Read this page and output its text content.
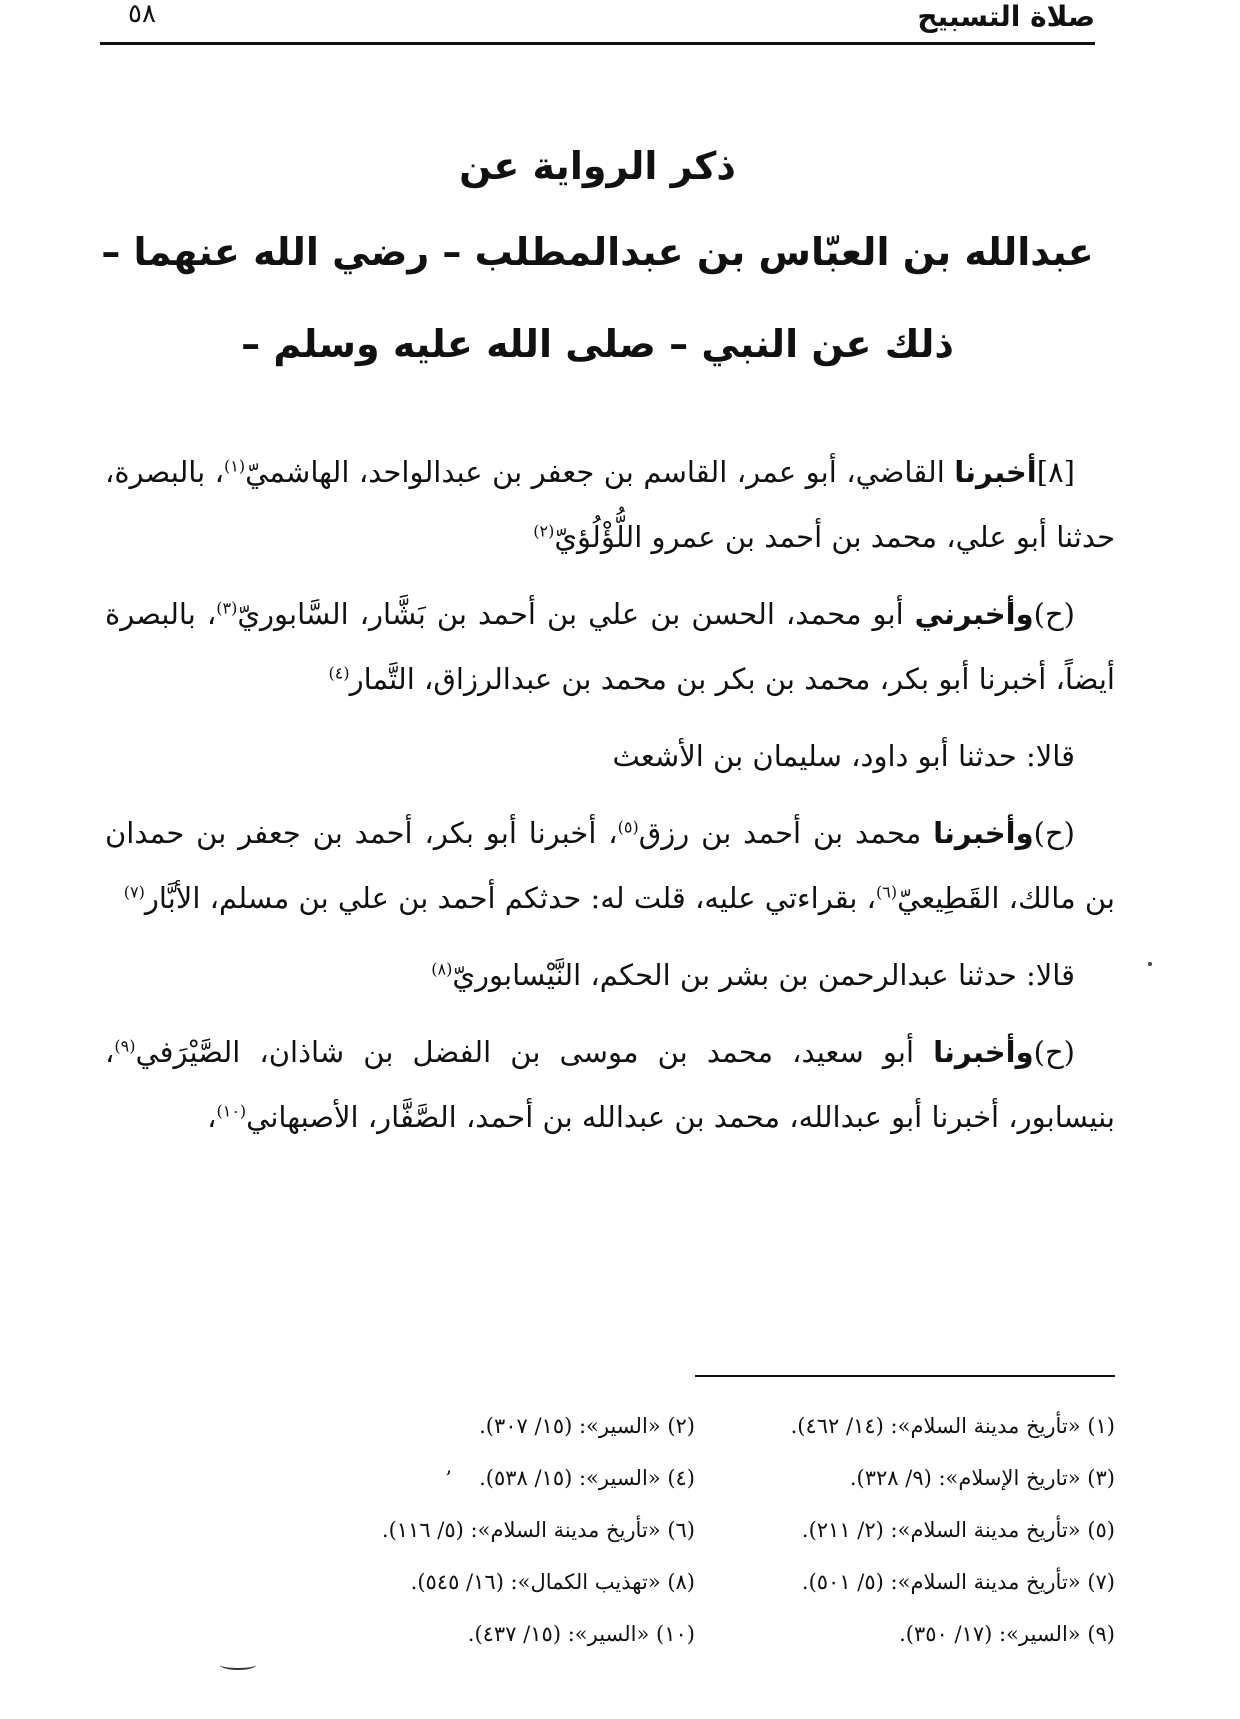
صلاة التسبيح
٥٨
ذكر الرواية عن
عبدالله بن العبّاس بن عبدالمطلب – رضي الله عنهما –
ذلك عن النبي – صلى الله عليه وسلم –

[٨]أخبرنا القاضي، أبو عمر، القاسم بن جعفر بن عبدالواحد، الهاشميّ$^{(١)}$، بالبصرة، حدثنا أبو علي، محمد بن أحمد بن عمرو اللُّؤْلُؤيّ$^{(٢)}$

(ح)وأخبرني أبو محمد، الحسن بن علي بن أحمد بن بَشَّار، السَّابوريّ$^{(٣)}$، بالبصرة أيضاً، أخبرنا أبو بكر، محمد بن بكر بن محمد بن عبدالرزاق، التَّمار$^{(٤)}$

قالا: حدثنا أبو داود، سليمان بن الأشعث

(ح)وأخبرنا محمد بن أحمد بن رزق$^{(٥)}$، أخبرنا أبو بكر، أحمد بن جعفر بن حمدان بن مالك، القَطِيعيّ$^{(٦)}$، بقراءتي عليه، قلت له: حدثكم أحمد بن علي بن مسلم، الأبَّار$^{(٧)}$

قالا: حدثنا عبدالرحمن بن بشر بن الحكم، النَّيْسابوريّ$^{(٨)}$

(ح)وأخبرنا أبو سعيد، محمد بن موسى بن الفضل بن شاذان، الصَّيْرَفي$^{(٩)}$، بنيسابور، أخبرنا أبو عبدالله، محمد بن عبدالله بن أحمد، الصَّفَّار، الأصبهاني$^{(١٠)}$،

(١) «تأريخ مدينة السلام»: (١٤/ ٤٦٢).
(٢) «السير»: (١٥/ ٣٠٧).
(٣) «تاريخ الإسلام»: (٩/ ٣٢٨).
(٤) «السير»: (١٥/ ٥٣٨).ʼ
(٥) «تأريخ مدينة السلام»: (٢/ ٢١١).
(٦) «تأريخ مدينة السلام»: (٥/ ١١٦).
(٧) «تأريخ مدينة السلام»: (٥/ ٥٠١).
(٨) «تهذيب الكمال»: (١٦/ ٥٤٥).
(٩) «السير»: (١٧/ ٣٥٠).
(١٠) «السير»: (١٥/ ٤٣٧).
